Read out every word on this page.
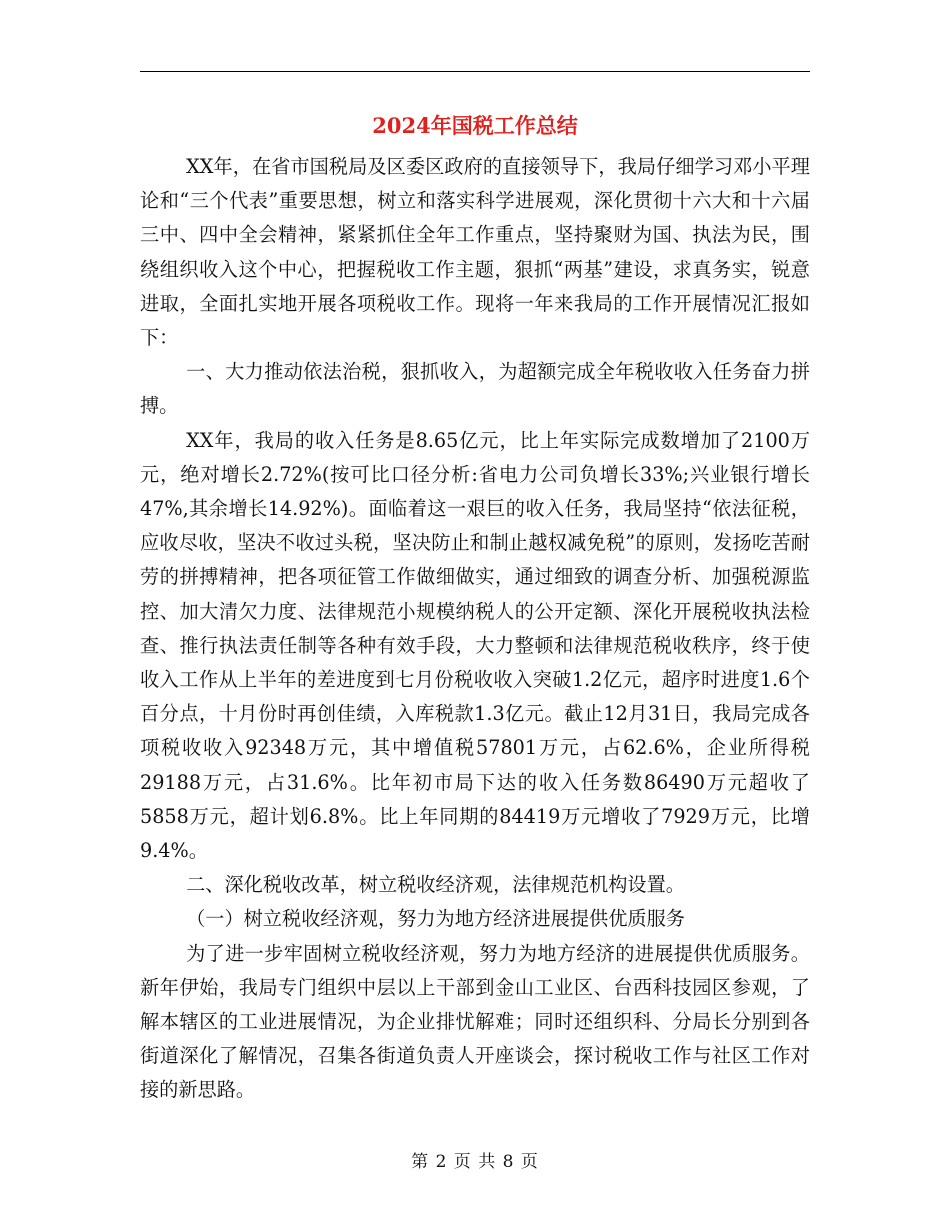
2024年国税工作总结

XX年，在省市国税局及区委区政府的直接领导下，我局仔细学习邓小平理论和“三个代表”重要思想，树立和落实科学进展观，深化贯彻十六大和十六届三中、四中全会精神，紧紧抓住全年工作重点，坚持聚财为国、执法为民，围绕组织收入这个中心，把握税收工作主题，狠抓“两基”建设，求真务实，锐意进取，全面扎实地开展各项税收工作。现将一年来我局的工作开展情况汇报如下：

一、大力推动依法治税，狠抓收入，为超额完成全年税收收入任务奋力拼搏。

XX年，我局的收入任务是8.65亿元，比上年实际完成数增加了2100万元，绝对增长2.72%(按可比口径分析:省电力公司负增长33%;兴业银行增长47%,其余增长14.92%)。面临着这一艰巨的收入任务，我局坚持“依法征税，应收尽收，坚决不收过头税，坚决防止和制止越权减免税”的原则，发扬吃苦耐劳的拼搏精神，把各项征管工作做细做实，通过细致的调查分析、加强税源监控、加大清欠力度、法律规范小规模纳税人的公开定额、深化开展税收执法检查、推行执法责任制等各种有效手段，大力整顿和法律规范税收秩序，终于使收入工作从上半年的差进度到七月份税收收入突破1.2亿元，超序时进度1.6个百分点，十月份时再创佳绩，入库税款1.3亿元。截止12月31日，我局完成各项税收收入92348万元，其中增值税57801万元，占62.6%，企业所得税29188万元，占31.6%。比年初市局下达的收入任务数86490万元超收了5858万元，超计划6.8%。比上年同期的84419万元增收了7929万元，比增9.4%。

二、深化税收改革，树立税收经济观，法律规范机构设置。

（一）树立税收经济观，努力为地方经济进展提供优质服务

为了进一步牢固树立税收经济观，努力为地方经济的进展提供优质服务。新年伊始，我局专门组织中层以上干部到金山工业区、台西科技园区参观，了解本辖区的工业进展情况，为企业排忧解难；同时还组织科、分局长分别到各街道深化了解情况，召集各街道负责人开座谈会，探讨税收工作与社区工作对接的新思路。

第 2 页 共 8 页
